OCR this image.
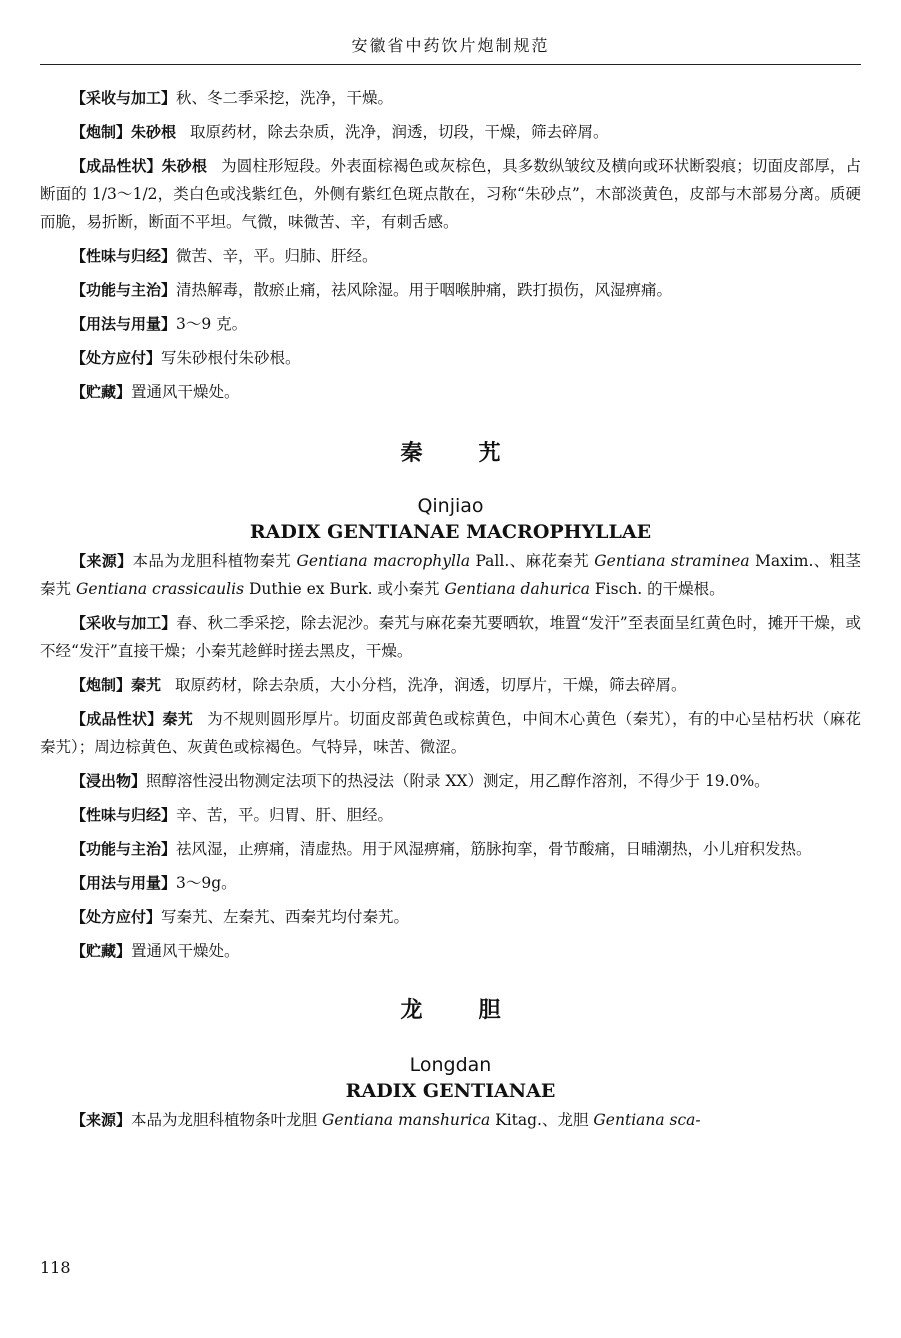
安徽省中药饮片炮制规范

【采收与加工】秋、冬二季采挖，洗净，干燥。

【炮制】朱砂根 取原药材，除去杂质，洗净，润透，切段，干燥，筛去碎屑。

【成品性状】朱砂根 为圆柱形短段。外表面棕褐色或灰棕色，具多数纵皱纹及横向或环状断裂痕；切面皮部厚，占断面的 1/3～1/2，类白色或浅紫红色，外侧有紫红色斑点散在，习称“朱砂点”，木部淡黄色，皮部与木部易分离。质硬而脆，易折断，断面不平坦。气微，味微苦、辛，有刺舌感。

【性味与归经】微苦、辛，平。归肺、肝经。

【功能与主治】清热解毒，散瘀止痛，祛风除湿。用于咽喉肿痛，跌打损伤，风湿痹痛。

【用法与用量】3～9 克。

【处方应付】写朱砂根付朱砂根。

【贮藏】置通风干燥处。

秦艽

Qinjiao

RADIX GENTIANAE MACROPHYLLAE

【来源】本品为龙胆科植物秦艽 Gentiana macrophylla Pall.、麻花秦艽 Gentiana straminea Maxim.、粗茎秦艽 Gentiana crassicaulis Duthie ex Burk. 或小秦艽 Gentiana dahurica Fisch. 的干燥根。

【采收与加工】春、秋二季采挖，除去泥沙。秦艽与麻花秦艽要晒软，堆置“发汗”至表面呈红黄色时，摊开干燥，或不经“发汗”直接干燥；小秦艽趁鲜时搓去黑皮，干燥。

【炮制】秦艽 取原药材，除去杂质，大小分档，洗净，润透，切厚片，干燥，筛去碎屑。

【成品性状】秦艽 为不规则圆形厚片。切面皮部黄色或棕黄色，中间木心黄色（秦艽），有的中心呈枯朽状（麻花秦艽）；周边棕黄色、灰黄色或棕褐色。气特异，味苦、微涩。

【浸出物】照醇溶性浸出物测定法项下的热浸法（附录 XX）测定，用乙醇作溶剂，不得少于 19.0%。

【性味与归经】辛、苦，平。归胃、肝、胆经。

【功能与主治】祛风湿，止痹痛，清虚热。用于风湿痹痛，筋脉拘挛，骨节酸痛，日晡潮热，小儿疳积发热。

【用法与用量】3～9g。

【处方应付】写秦艽、左秦艽、西秦艽均付秦艽。

【贮藏】置通风干燥处。

龙胆

Longdan

RADIX GENTIANAE

【来源】本品为龙胆科植物条叶龙胆 Gentiana manshurica Kitag.、龙胆 Gentiana sca-

118
